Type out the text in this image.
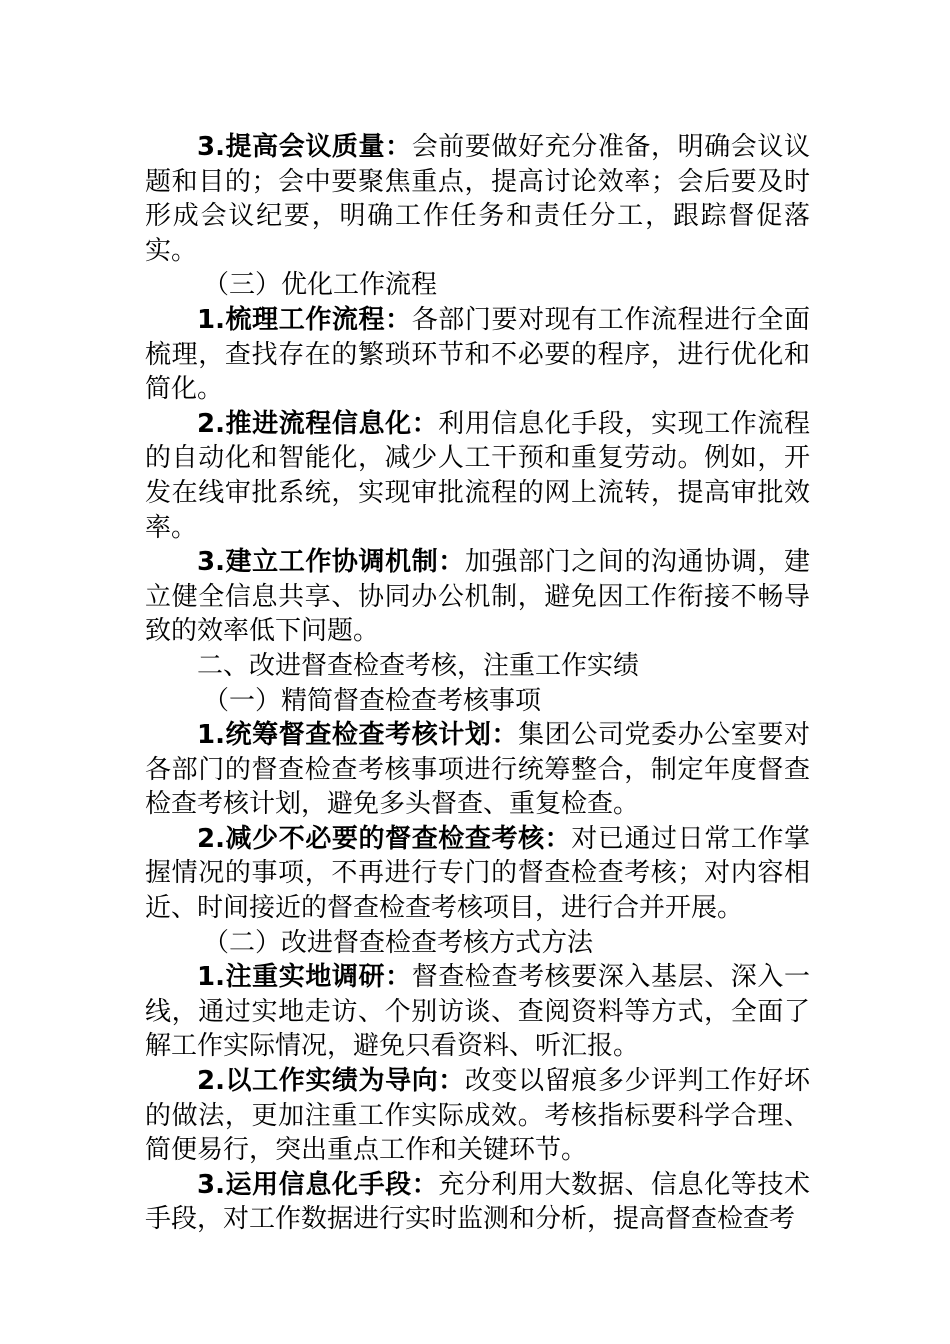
3.提高会议质量：会前要做好充分准备，明确会议议题和目的；会中要聚焦重点，提高讨论效率；会后要及时形成会议纪要，明确工作任务和责任分工，跟踪督促落实。

（三）优化工作流程

1.梳理工作流程：各部门要对现有工作流程进行全面梳理，查找存在的繁琐环节和不必要的程序，进行优化和简化。

2.推进流程信息化：利用信息化手段，实现工作流程的自动化和智能化，减少人工干预和重复劳动。例如，开发在线审批系统，实现审批流程的网上流转，提高审批效率。

3.建立工作协调机制：加强部门之间的沟通协调，建立健全信息共享、协同办公机制，避免因工作衔接不畅导致的效率低下问题。

二、改进督查检查考核，注重工作实绩

（一）精简督查检查考核事项

1.统筹督查检查考核计划：集团公司党委办公室要对各部门的督查检查考核事项进行统筹整合，制定年度督查检查考核计划，避免多头督查、重复检查。

2.减少不必要的督查检查考核：对已通过日常工作掌握情况的事项，不再进行专门的督查检查考核；对内容相近、时间接近的督查检查考核项目，进行合并开展。

（二）改进督查检查考核方式方法

1.注重实地调研：督查检查考核要深入基层、深入一线，通过实地走访、个别访谈、查阅资料等方式，全面了解工作实际情况，避免只看资料、听汇报。

2.以工作实绩为导向：改变以留痕多少评判工作好坏的做法，更加注重工作实际成效。考核指标要科学合理、简便易行，突出重点工作和关键环节。

3.运用信息化手段：充分利用大数据、信息化等技术手段，对工作数据进行实时监测和分析，提高督查检查考
